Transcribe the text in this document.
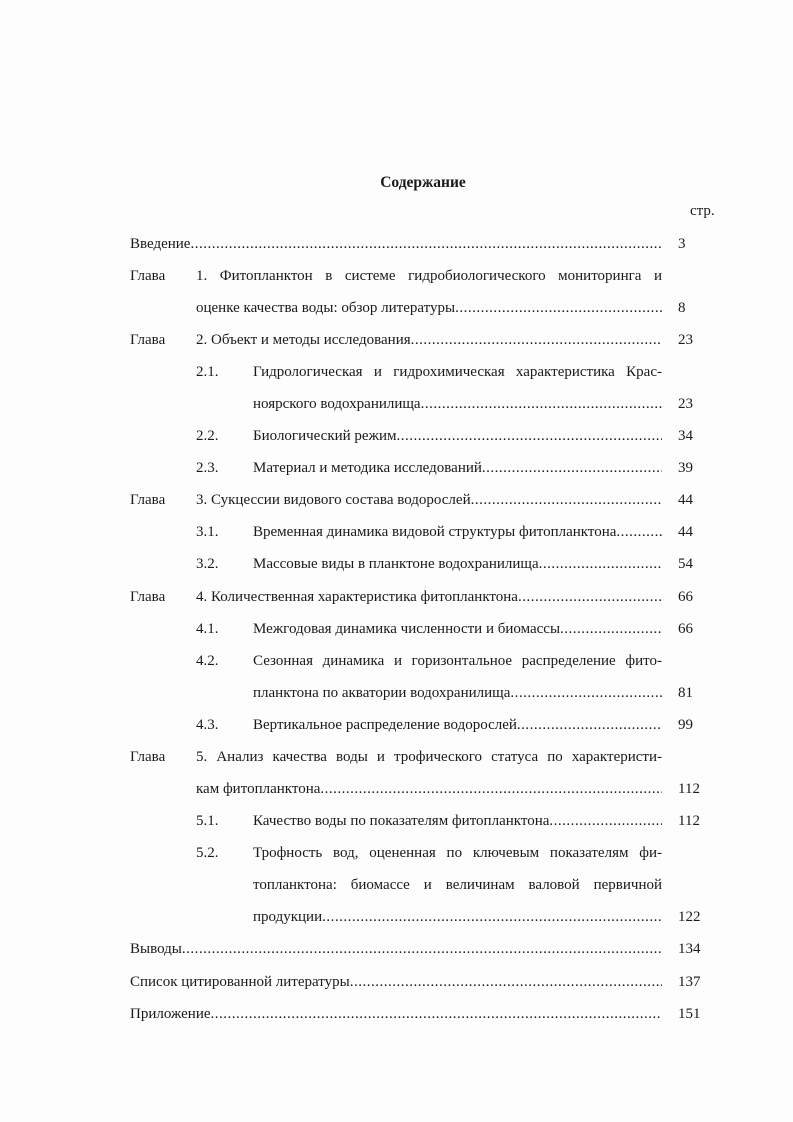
Содержание
стр.
Введение .....	3
Глава 1. Фитопланктон в системе гидробиологического мониторинга и
оценке качества воды: обзор литературы .....	8
Глава 2. Объект и методы исследования .....	23
2.1. Гидрологическая и гидрохимическая характеристика Крас-
ноярского водохранилища .....	23
2.2. Биологический режим .....	34
2.3. Материал и методика исследований .....	39
Глава 3. Сукцессии видового состава водорослей .....	44
3.1. Временная динамика видовой структуры фитопланктона .....	44
3.2. Массовые виды в планктоне водохранилища .....	54
Глава 4. Количественная характеристика фитопланктона .....	66
4.1. Межгодовая динамика численности и биомассы .....	66
4.2. Сезонная динамика и горизонтальное распределение фито-
планктона по акватории водохранилища .....	81
4.3. Вертикальное распределение водорослей .....	99
Глава 5. Анализ качества воды и трофического статуса по характеристи-
кам фитопланктона .....	112
5.1. Качество воды по показателям фитопланктона .....	112
5.2. Трофность вод, оцененная по ключевым показателям фи-
топланктона: биомассе и величинам валовой первичной
продукции .....	122
Выводы .....	134
Список цитированной литературы .....	137
Приложение .....	151
